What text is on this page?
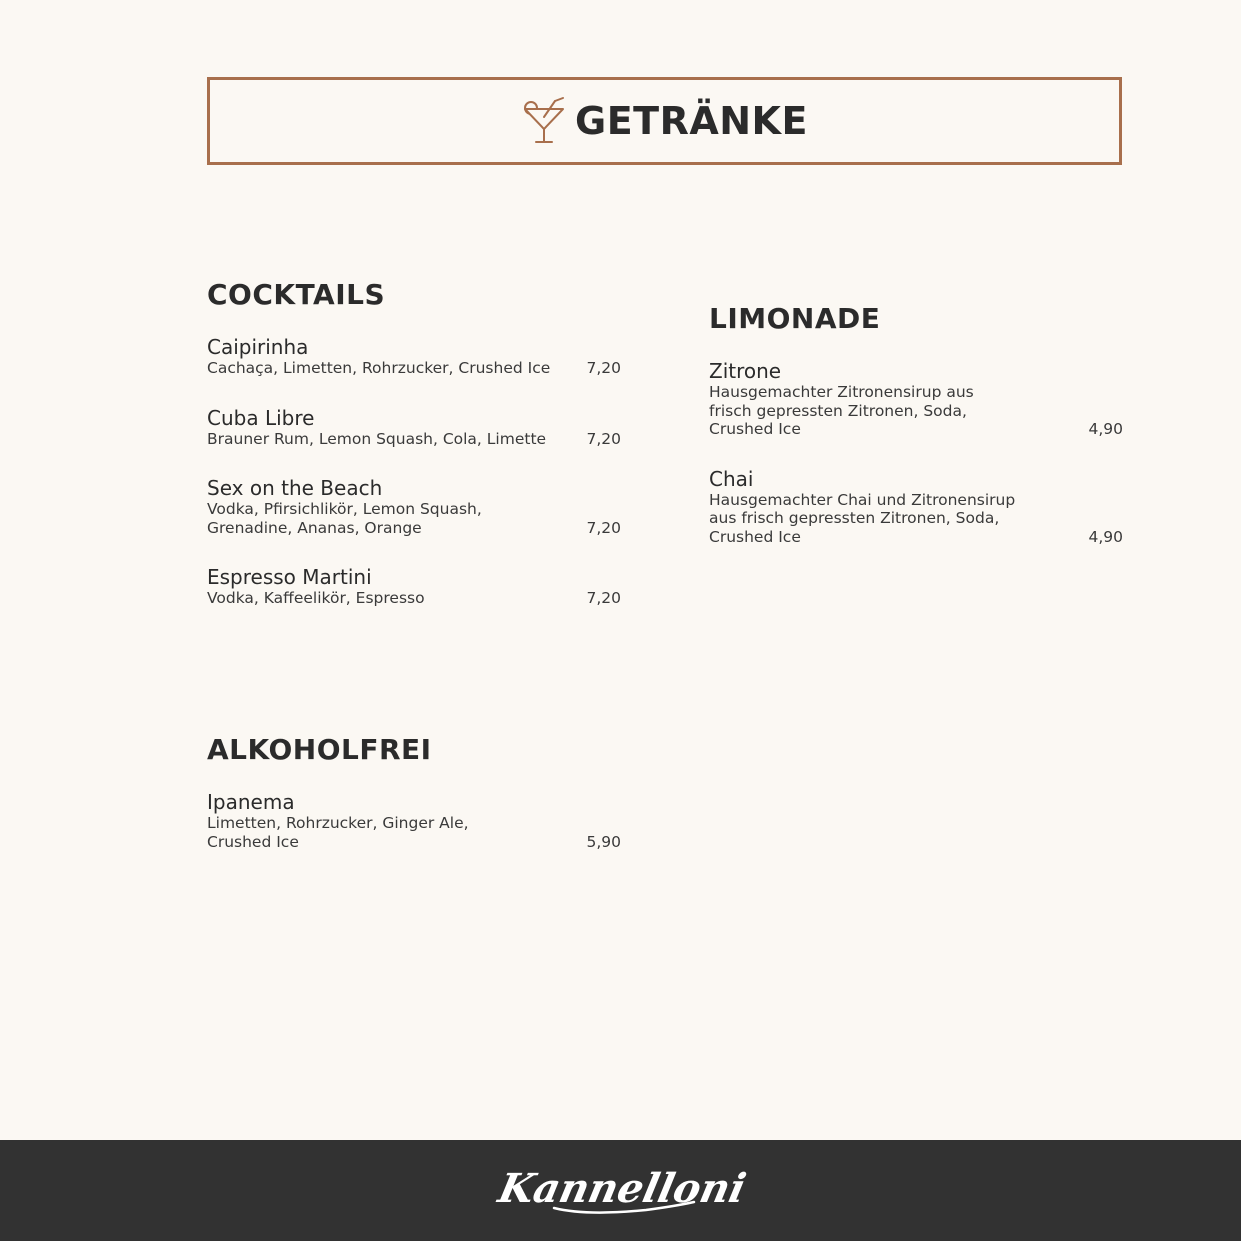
GETRÄNKE
COCKTAILS
Caipirinha
Cachaça, Limetten, Rohrzucker, Crushed Ice	7,20
Cuba Libre
Brauner Rum, Lemon Squash, Cola, Limette	7,20
Sex on the Beach
Vodka, Pfirsichlikör, Lemon Squash, Grenadine, Ananas, Orange	7,20
Espresso Martini
Vodka, Kaffeelikör, Espresso	7,20
LIMONADE
Zitrone
Hausgemachter Zitronensirup aus frisch gepressten Zitronen, Soda, Crushed Ice	4,90
Chai
Hausgemachter Chai und Zitronensirup aus frisch gepressten Zitronen, Soda, Crushed Ice	4,90
ALKOHOLFREI
Ipanema
Limetten, Rohrzucker, Ginger Ale, Crushed Ice	5,90
Kannelloni
